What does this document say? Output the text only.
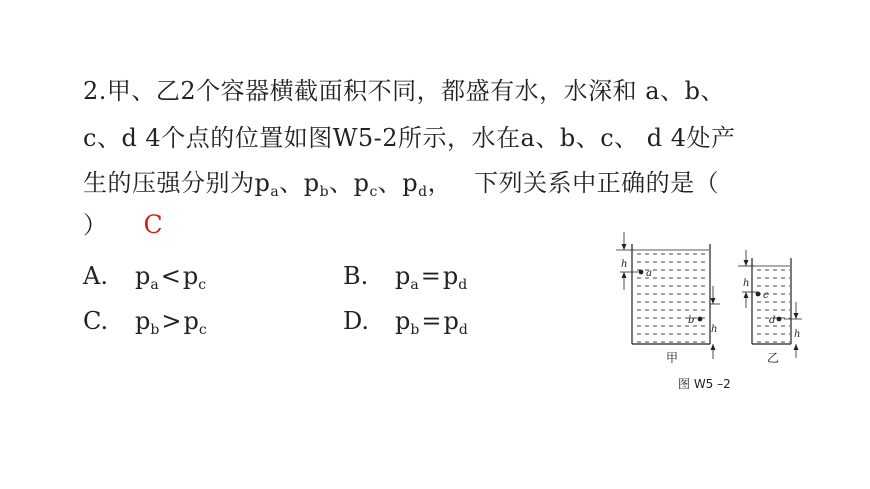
2.甲、乙2个容器横截面积不同，都盛有水，水深和 a、b、
c、d 4个点的位置如图W5-2所示，水在a、b、c、 d 4处产
生的压强分别为$p_a$、$p_b$、$p_c$、$p_d$， 下列关系中正确的是（
） C
A. $p_a<p_c$	B. $p_a=p_d$
C. $p_b>p_c$	D. $p_b=p_d$
h
a
h
b
甲
h
c
h
d
乙
图 W5 –2
